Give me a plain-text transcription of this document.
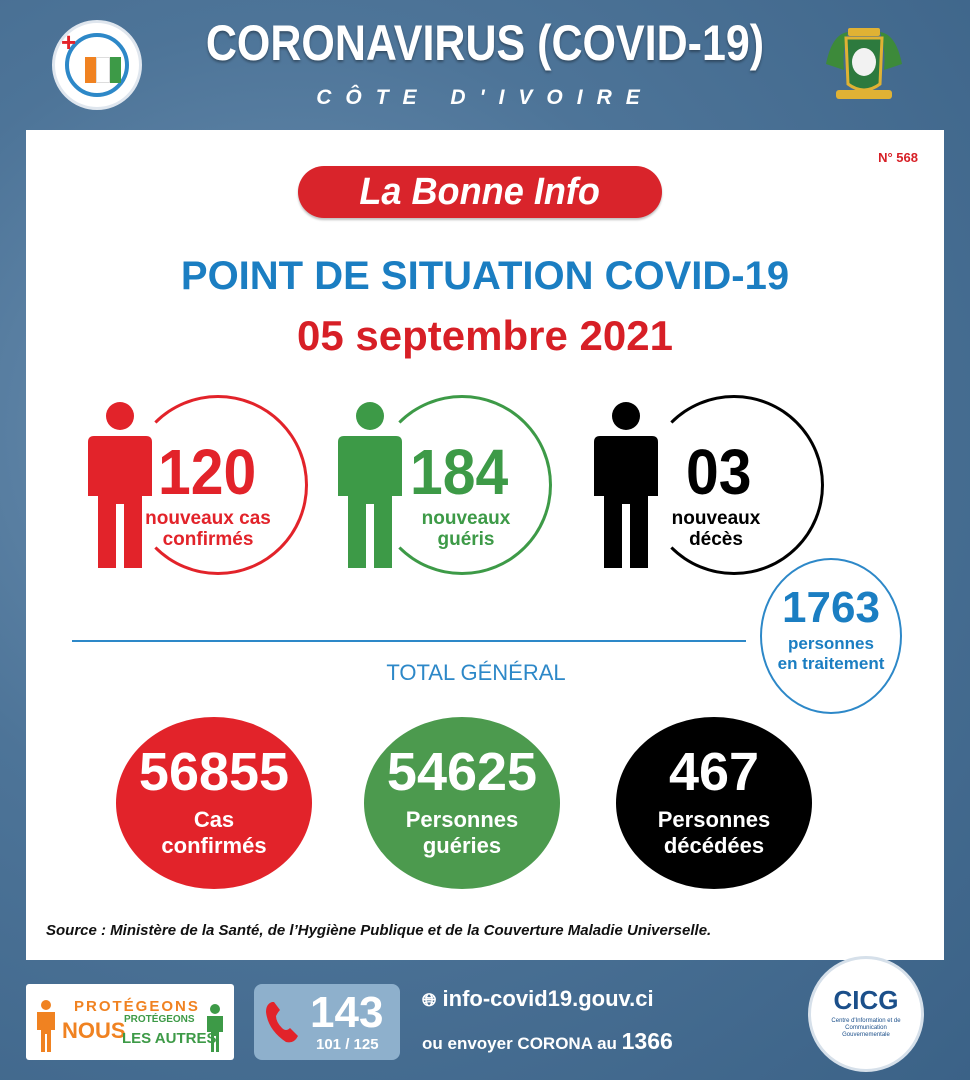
+	CORONAVIRUS (COVID-19)
CÔTE D'IVOIRE
N° 568
La Bonne Info
POINT DE SITUATION COVID-19
05 septembre 2021
120
nouveaux cas
confirmés
184
nouveaux
guéris
03
nouveaux
décès
1763
personnes
en traitement
TOTAL GÉNÉRAL
56855
Cas
confirmés
54625
Personnes
guéries
467
Personnes
décédées
Source : Ministère de la Santé, de l’Hygiène Publique et de la Couverture Maladie Universelle.
PROTÉGEONS
NOUS
PROTÉGEONS
LES AUTRES
143
101 / 125
🌐︎ info-covid19.gouv.ci
ou envoyer CORONA au 1366
CICG
Centre d'Information et de Communication Gouvernementale
